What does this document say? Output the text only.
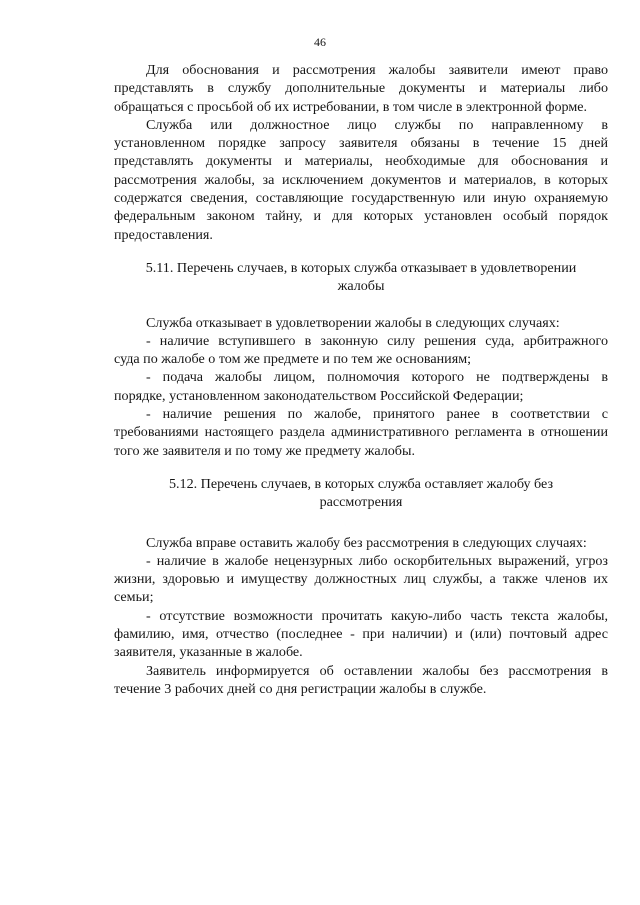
46
Для обоснования и рассмотрения жалобы заявители имеют право
представлять в службу дополнительные документы и материалы либо
обращаться с просьбой об их истребовании, в том числе в электронной форме.
Служба или должностное лицо службы по направленному в
установленном порядке запросу заявителя обязаны в течение 15 дней
представлять документы и материалы, необходимые для обоснования и
рассмотрения жалобы, за исключением документов и материалов, в которых
содержатся сведения, составляющие государственную или иную охраняемую
федеральным законом тайну, и для которых установлен особый порядок
предоставления.
5.11. Перечень случаев, в которых служба отказывает в удовлетворении
жалобы
Служба отказывает в удовлетворении жалобы в следующих случаях:
- наличие вступившего в законную силу решения суда, арбитражного
суда по жалобе о том же предмете и по тем же основаниям;
- подача жалобы лицом, полномочия которого не подтверждены в
порядке, установленном законодательством Российской Федерации;
- наличие решения по жалобе, принятого ранее в соответствии с
требованиями настоящего раздела административного регламента в отношении
того же заявителя и по тому же предмету жалобы.
5.12. Перечень случаев, в которых служба оставляет жалобу без
рассмотрения
Служба вправе оставить жалобу без рассмотрения в следующих случаях:
- наличие в жалобе нецензурных либо оскорбительных выражений, угроз
жизни, здоровью и имуществу должностных лиц службы, а также членов их
семьи;
- отсутствие возможности прочитать какую-либо часть текста жалобы,
фамилию, имя, отчество (последнее - при наличии) и (или) почтовый адрес
заявителя, указанные в жалобе.
Заявитель информируется об оставлении жалобы без рассмотрения в
течение 3 рабочих дней со дня регистрации жалобы в службе.
